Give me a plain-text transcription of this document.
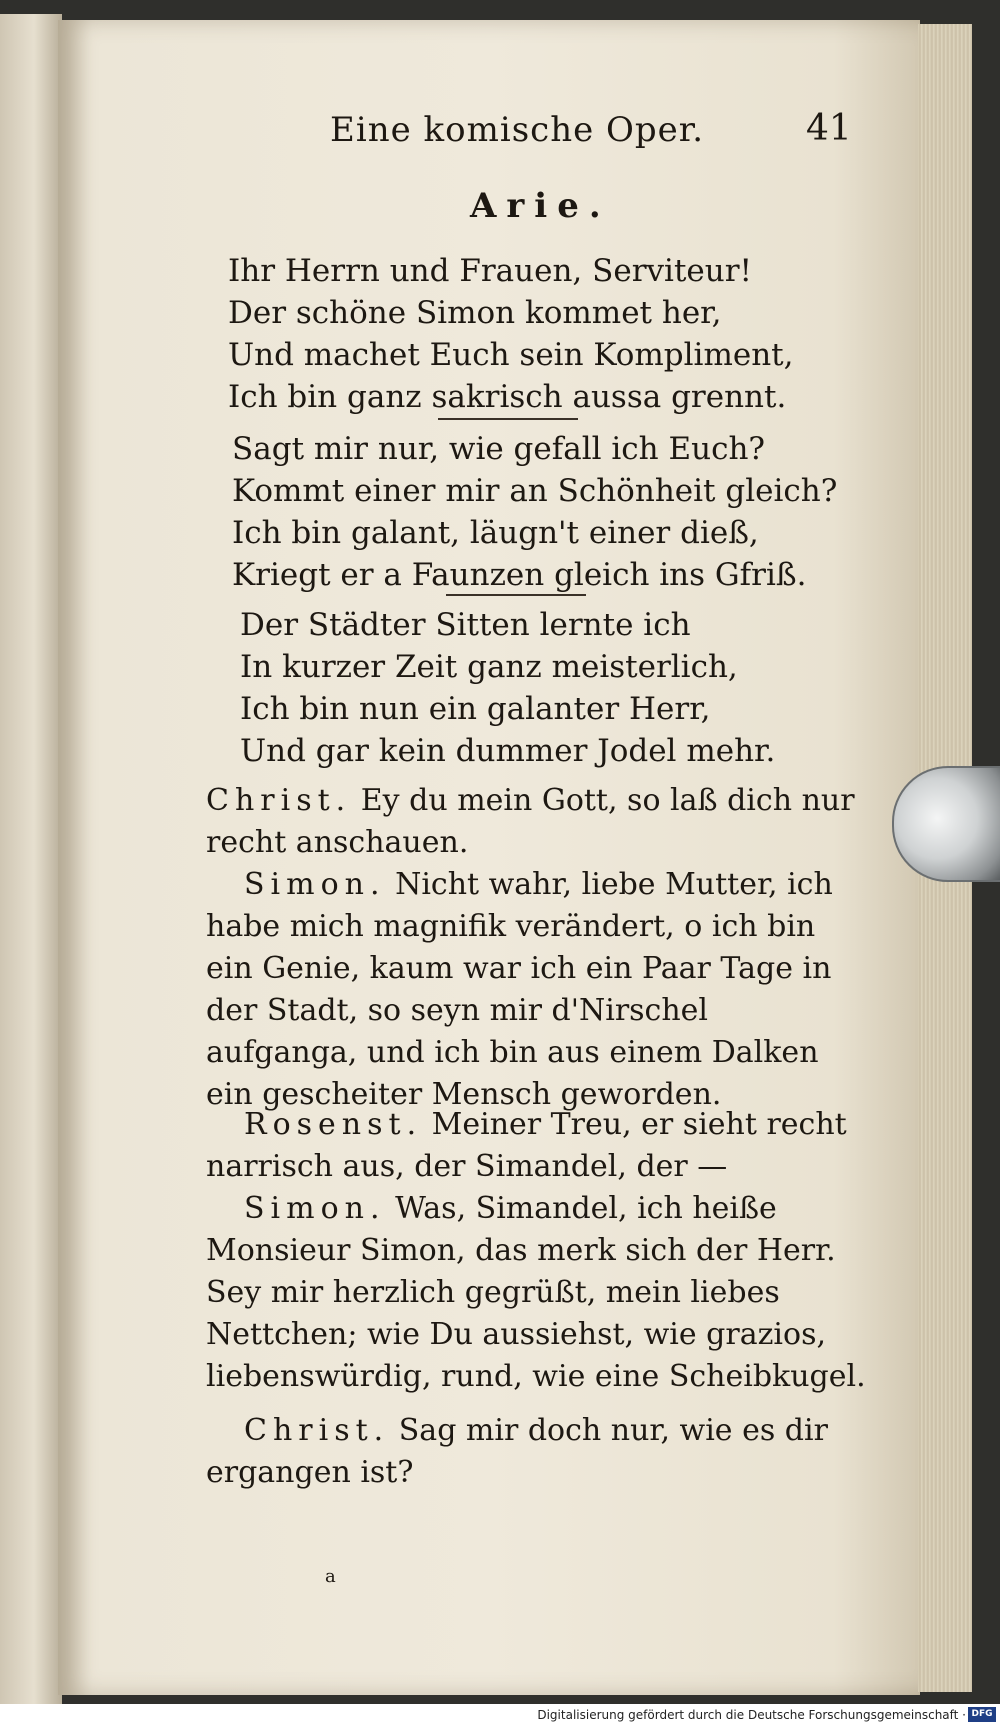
Eine komische Oper.	41
Arie.
Ihr Herrn und Frauen, Serviteur!
Der schöne Simon kommet her,
Und machet Euch sein Kompliment,
Ich bin ganz sakrisch aussa grennt.
Sagt mir nur, wie gefall ich Euch?
Kommt einer mir an Schönheit gleich?
Ich bin galant, läugn't einer dieß,
Kriegt er a Faunzen gleich ins Gfriß.
Der Städter Sitten lernte ich
In kurzer Zeit ganz meisterlich,
Ich bin nun ein galanter Herr,
Und gar kein dummer Jodel mehr.
Christ. Ey du mein Gott, so laß dich nur recht anschauen.
Simon. Nicht wahr, liebe Mutter, ich habe mich magnifik verändert, o ich bin ein Genie, kaum war ich ein Paar Tage in der Stadt, so seyn mir d'Nirschel aufganga, und ich bin aus einem Dalken ein gescheiter Mensch geworden.
Rosenst. Meiner Treu, er sieht recht narrisch aus, der Simandel, der —
Simon. Was, Simandel, ich heiße Monsieur Simon, das merk sich der Herr. Sey mir herzlich gegrüßt, mein liebes Nettchen; wie Du aussiehst, wie grazios, liebenswürdig, rund, wie eine Scheibkugel.
Christ. Sag mir doch nur, wie es dir ergangen ist?
a
Digitalisierung gefördert durch die Deutsche Forschungsgemeinschaft · DFG
